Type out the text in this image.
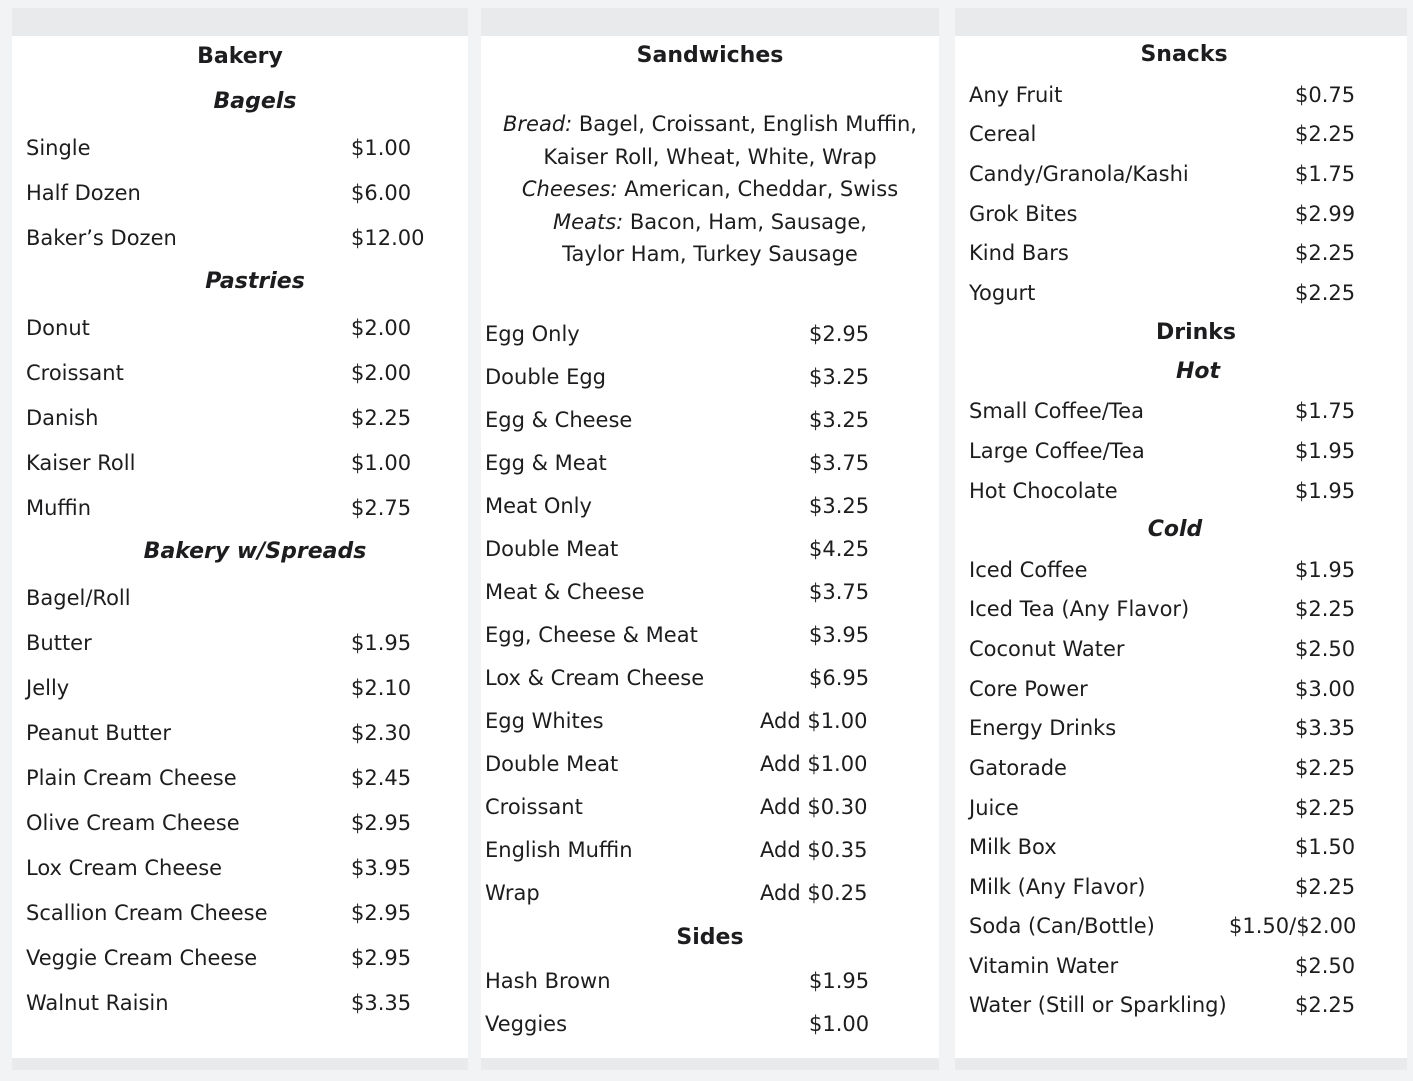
Bakery
Bagels
Single	$1.00
Half Dozen	$6.00
Baker’s Dozen	$12.00
Pastries
Donut	$2.00
Croissant	$2.00
Danish	$2.25
Kaiser Roll	$1.00
Muffin	$2.75
Bakery w/Spreads
Bagel/Roll
Butter	$1.95
Jelly	$2.10
Peanut Butter	$2.30
Plain Cream Cheese	$2.45
Olive Cream Cheese	$2.95
Lox Cream Cheese	$3.95
Scallion Cream Cheese	$2.95
Veggie Cream Cheese	$2.95
Walnut Raisin	$3.35
Sandwiches
Bread: Bagel, Croissant, English Muffin,
Kaiser Roll, Wheat, White, Wrap
Cheeses: American, Cheddar, Swiss
Meats: Bacon, Ham, Sausage,
Taylor Ham, Turkey Sausage
Egg Only	$2.95
Double Egg	$3.25
Egg & Cheese	$3.25
Egg & Meat	$3.75
Meat Only	$3.25
Double Meat	$4.25
Meat & Cheese	$3.75
Egg, Cheese & Meat	$3.95
Lox & Cream Cheese	$6.95
Egg Whites	Add $1.00
Double Meat	Add $1.00
Croissant	Add $0.30
English Muffin	Add $0.35
Wrap	Add $0.25
Sides
Hash Brown	$1.95
Veggies	$1.00
Snacks
Any Fruit	$0.75
Cereal	$2.25
Candy/Granola/Kashi	$1.75
Grok Bites	$2.99
Kind Bars	$2.25
Yogurt	$2.25
Drinks
Hot
Small Coffee/Tea	$1.75
Large Coffee/Tea	$1.95
Hot Chocolate	$1.95
Cold
Iced Coffee	$1.95
Iced Tea (Any Flavor)	$2.25
Coconut Water	$2.50
Core Power	$3.00
Energy Drinks	$3.35
Gatorade	$2.25
Juice	$2.25
Milk Box	$1.50
Milk (Any Flavor)	$2.25
Soda (Can/Bottle)	$1.50/$2.00
Vitamin Water	$2.50
Water (Still or Sparkling)	$2.25
